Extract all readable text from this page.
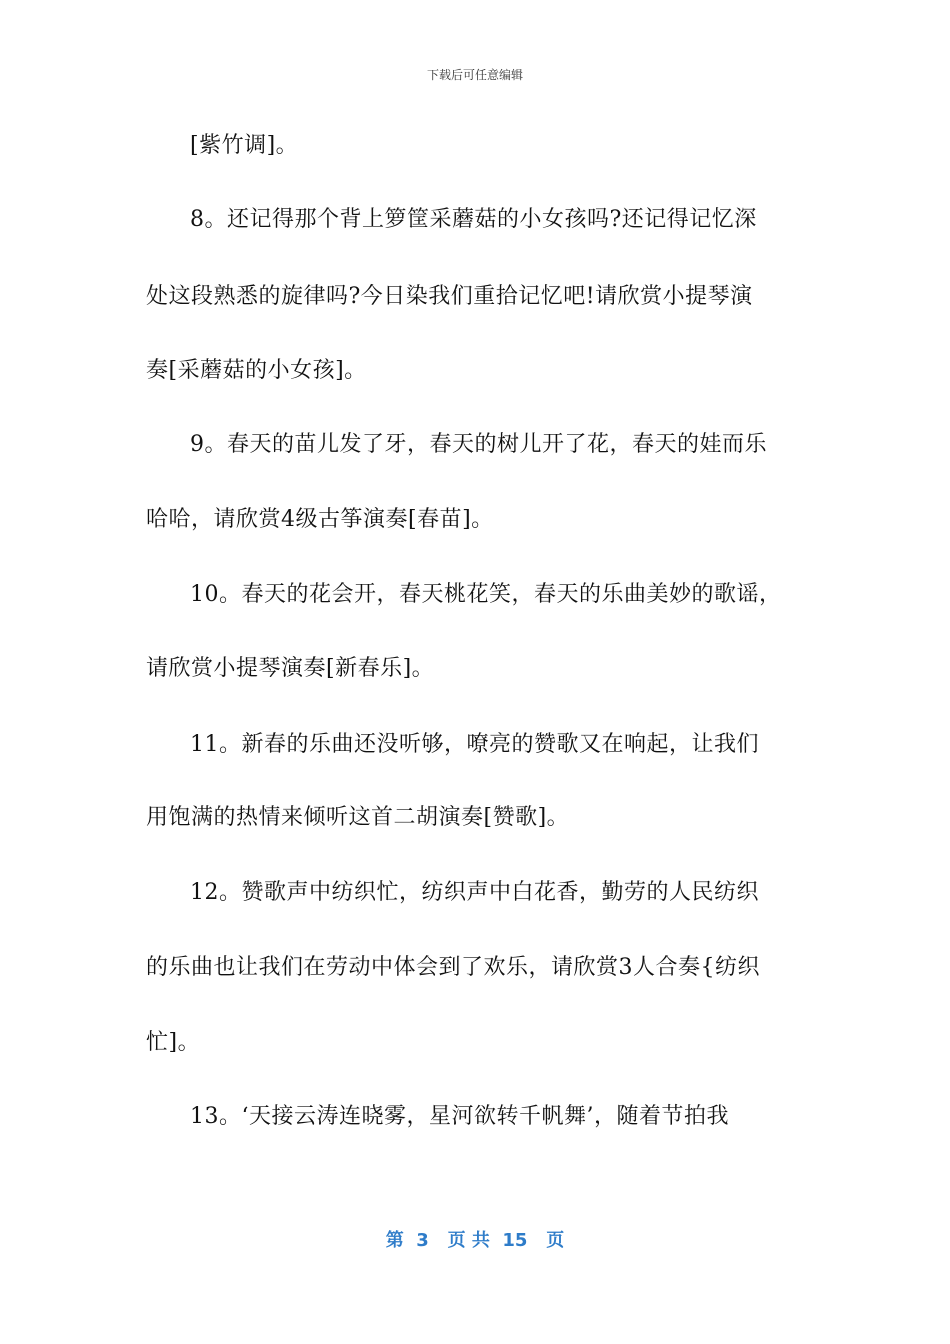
下载后可任意编辑
[紫竹调]。
8。还记得那个背上箩筐采蘑菇的小女孩吗?还记得记忆深
处这段熟悉的旋律吗?今日染我们重拾记忆吧!请欣赏小提琴演
奏[采蘑菇的小女孩]。
9。春天的苗儿发了牙，春天的树儿开了花，春天的娃而乐
哈哈，请欣赏4级古筝演奏[春苗]。
10。春天的花会开，春天桃花笑，春天的乐曲美妙的歌谣，
请欣赏小提琴演奏[新春乐]。
11。新春的乐曲还没听够，嘹亮的赞歌又在响起，让我们
用饱满的热情来倾听这首二胡演奏[赞歌]。
12。赞歌声中纺织忙，纺织声中白花香，勤劳的人民纺织
的乐曲也让我们在劳动中体会到了欢乐，请欣赏3人合奏{纺织
忙]。
13。‘天接云涛连晓雾，星河欲转千帆舞’，随着节拍我
第  3   页 共  15   页
